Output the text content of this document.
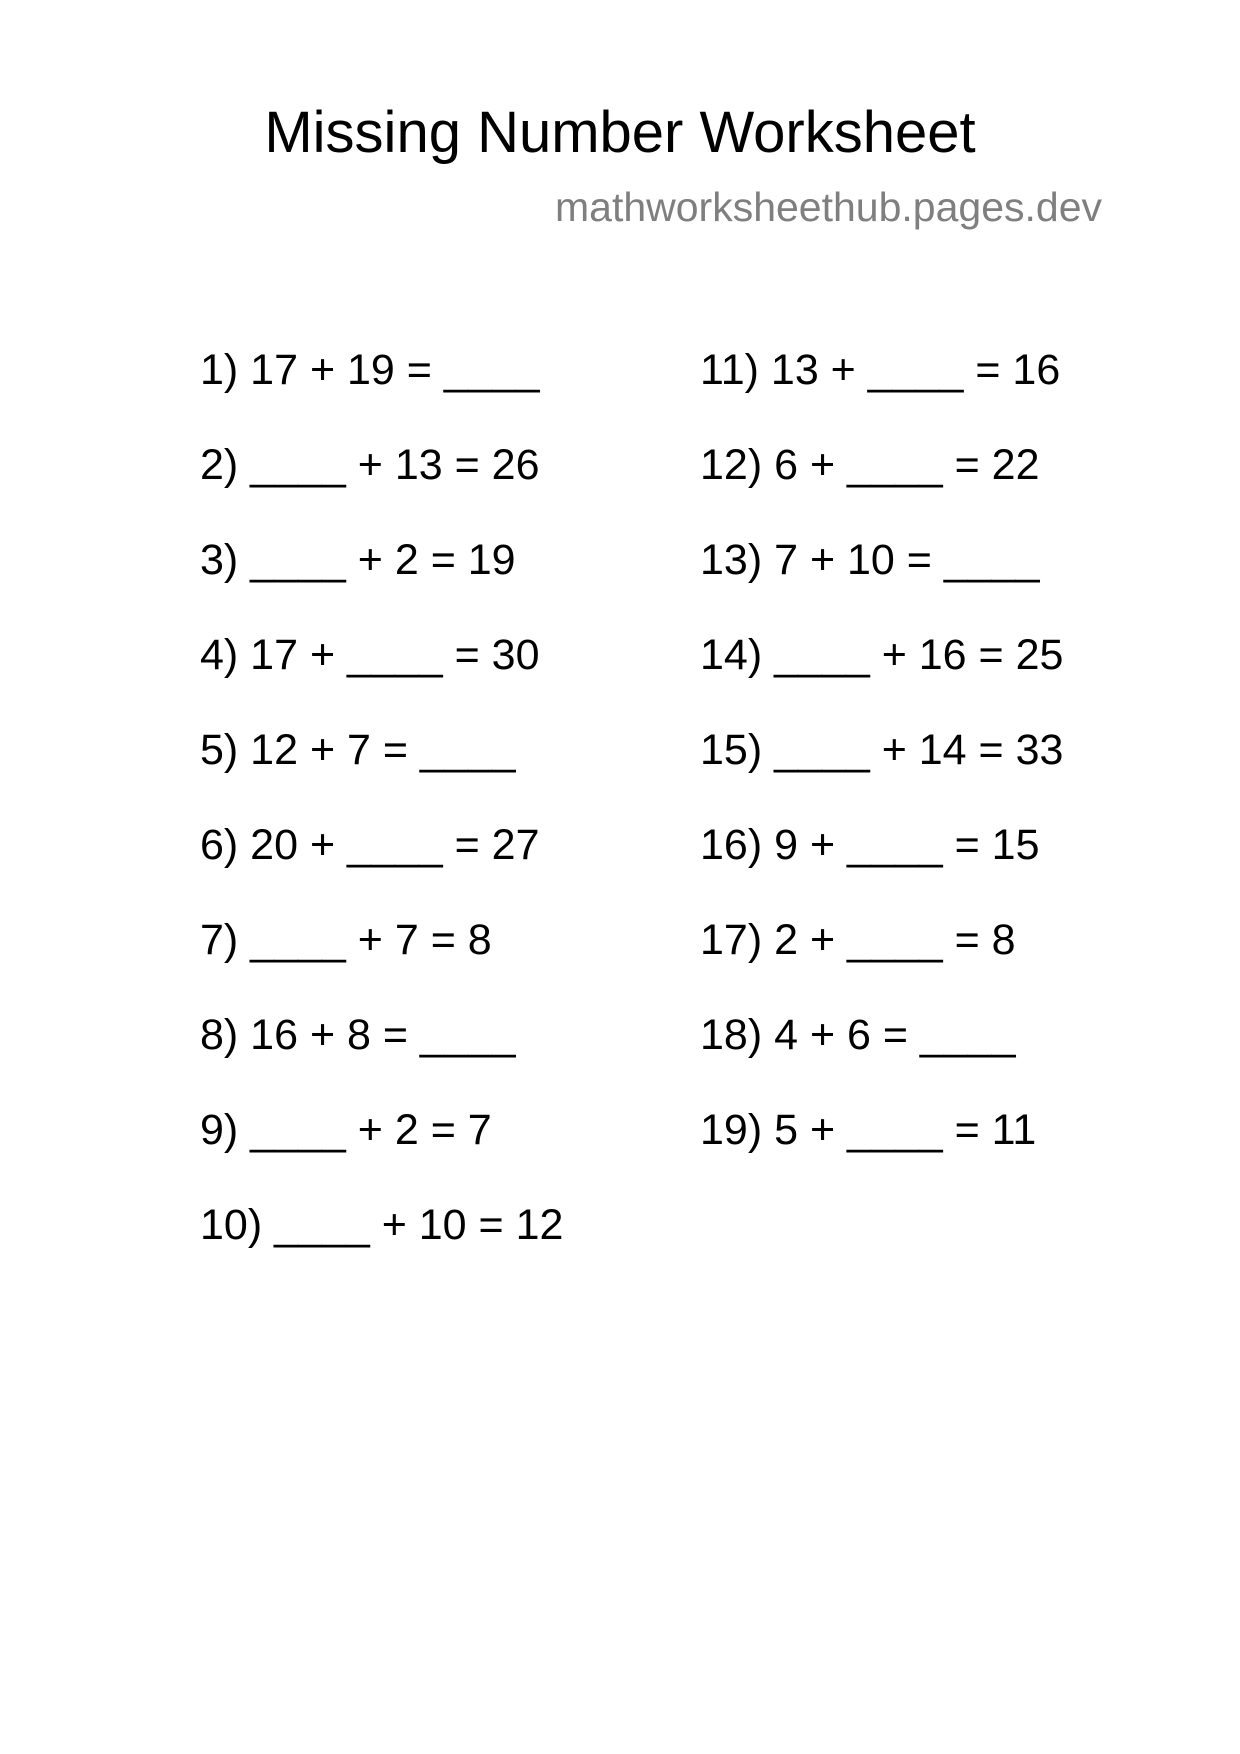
Missing Number Worksheet
mathworksheethub.pages.dev
1) 17 + 19 = ____
2) ____ + 13 = 26
3) ____ + 2 = 19
4) 17 + ____ = 30
5) 12 + 7 = ____
6) 20 + ____ = 27
7) ____ + 7 = 8
8) 16 + 8 = ____
9) ____ + 2 = 7
10) ____ + 10 = 12
11) 13 + ____ = 16
12) 6 + ____ = 22
13) 7 + 10 = ____
14) ____ + 16 = 25
15) ____ + 14 = 33
16) 9 + ____ = 15
17) 2 + ____ = 8
18) 4 + 6 = ____
19) 5 + ____ = 11
